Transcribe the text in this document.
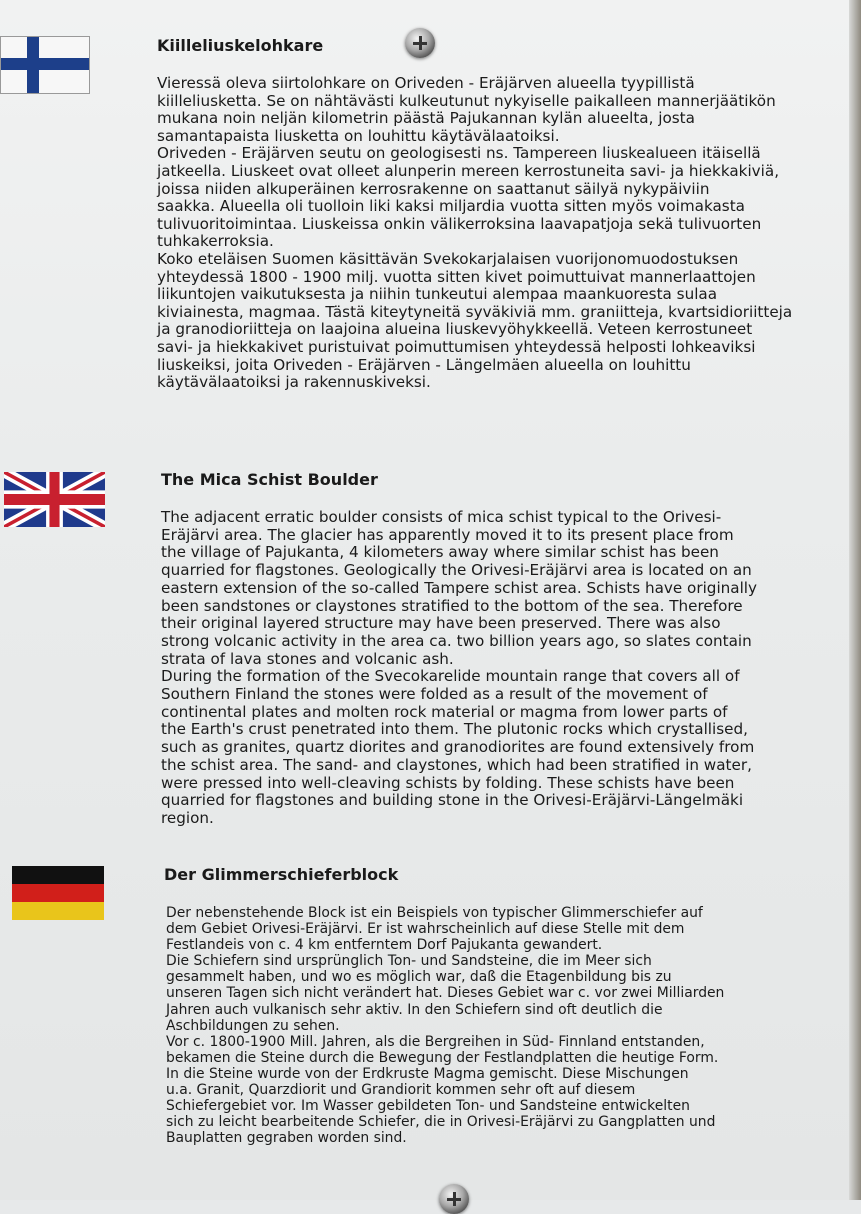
Kiilleliuskelohkare

Vieressä oleva siirtolohkare on Oriveden - Eräjärven alueella tyypillistä
kiilleliusketta. Se on nähtävästi kulkeutunut nykyiselle paikalleen mannerjäätikön
mukana noin neljän kilometrin päästä Pajukannan kylän alueelta, josta
samantapaista liusketta on louhittu käytävälaatoiksi.
Oriveden - Eräjärven seutu on geologisesti ns. Tampereen liuskealueen itäisellä
jatkeella. Liuskeet ovat olleet alunperin mereen kerrostuneita savi- ja hiekkakiviä,
joissa niiden alkuperäinen kerrosrakenne on saattanut säilyä nykypäiviin
saakka. Alueella oli tuolloin liki kaksi miljardia vuotta sitten myös voimakasta
tulivuoritoimintaa. Liuskeissa onkin välikerroksina laavapatjoja sekä tulivuorten
tuhkakerroksia.
Koko eteläisen Suomen käsittävän Svekokarjalaisen vuorijonomuodostuksen
yhteydessä 1800 - 1900 milj. vuotta sitten kivet poimuttuivat mannerlaattojen
liikuntojen vaikutuksesta ja niihin tunkeutui alempaa maankuoresta sulaa
kiviainesta, magmaa. Tästä kiteytyneitä syväkiviä mm. graniitteja, kvartsidioriitteja
ja granodioriitteja on laajoina alueina liuskevyöhykkeellä. Veteen kerrostuneet
savi- ja hiekkakivet puristuivat poimuttumisen yhteydessä helposti lohkeaviksi
liuskeiksi, joita Oriveden - Eräjärven - Längelmäen alueella on louhittu
käytävälaatoiksi ja rakennuskiveksi.

The Mica Schist Boulder

The adjacent erratic boulder consists of mica schist typical to the Orivesi-
Eräjärvi area. The glacier has apparently moved it to its present place from
the village of Pajukanta, 4 kilometers away where similar schist has been
quarried for flagstones. Geologically the Orivesi-Eräjärvi area is located on an
eastern extension of the so-called Tampere schist area. Schists have originally
been sandstones or claystones stratified to the bottom of the sea. Therefore
their original layered structure may have been preserved. There was also
strong volcanic activity in the area ca. two billion years ago, so slates contain
strata of lava stones and volcanic ash.
During the formation of the Svecokarelide mountain range that covers all of
Southern Finland the stones were folded as a result of the movement of
continental plates and molten rock material or magma from lower parts of
the Earth's crust penetrated into them. The plutonic rocks which crystallised,
such as granites, quartz diorites and granodiorites are found extensively from
the schist area. The sand- and claystones, which had been stratified in water,
were pressed into well-cleaving schists by folding. These schists have been
quarried for flagstones and building stone in the Orivesi-Eräjärvi-Längelmäki
region.

Der Glimmerschieferblock

Der nebenstehende Block ist ein Beispiels von typischer Glimmerschiefer auf
dem Gebiet Orivesi-Eräjärvi. Er ist wahrscheinlich auf diese Stelle mit dem
Festlandeis von c. 4 km entferntem Dorf Pajukanta gewandert.
Die Schiefern sind ursprünglich Ton- und Sandsteine, die im Meer sich
gesammelt haben, und wo es möglich war, daß die Etagenbildung bis zu
unseren Tagen sich nicht verändert hat. Dieses Gebiet war c. vor zwei Milliarden
Jahren auch vulkanisch sehr aktiv. In den Schiefern sind oft deutlich die
Aschbildungen zu sehen.
Vor c. 1800-1900 Mill. Jahren, als die Bergreihen in Süd- Finnland entstanden,
bekamen die Steine durch die Bewegung der Festlandplatten die heutige Form.
In die Steine wurde von der Erdkruste Magma gemischt. Diese Mischungen
u.a. Granit, Quarzdiorit und Grandiorit kommen sehr oft auf diesem
Schiefergebiet vor. Im Wasser gebildeten Ton- und Sandsteine entwickelten
sich zu leicht bearbeitende Schiefer, die in Orivesi-Eräjärvi zu Gangplatten und
Bauplatten gegraben worden sind.
